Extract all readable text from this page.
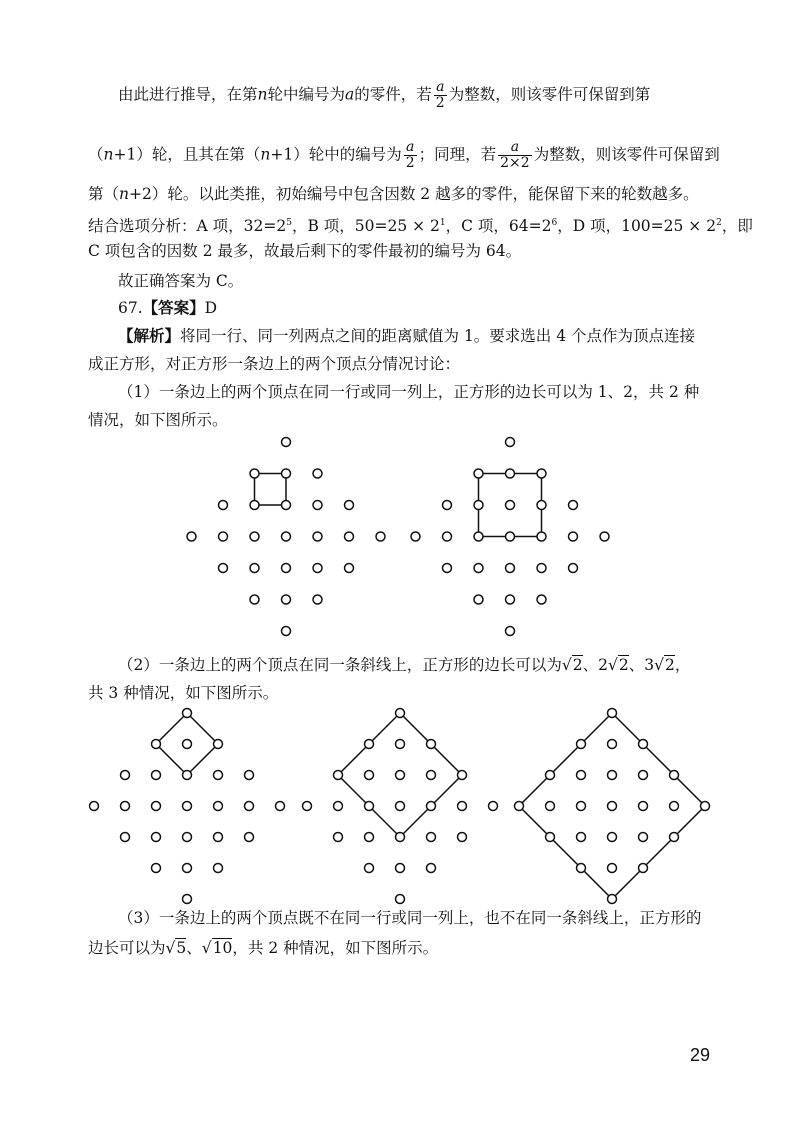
由此进行推导，在第n轮中编号为a的零件，若 $\frac{a}{2}$ 为整数，则该零件可保留到第
（n+1）轮，且其在第（n+1）轮中的编号为 $\frac{a}{2}$ ；同理，若 $\frac{a}{2\times 2}$ 为整数，则该零件可保留到
第（n+2）轮。以此类推，初始编号中包含因数 2 越多的零件，能保留下来的轮数越多。
结合选项分析：A 项，$32=2^5$，B 项，$50=25 \times 2^1$，C 项，$64=2^6$，D 项，$100=25 \times 2^2$，即
C 项包含的因数 2 最多，故最后剩下的零件最初的编号为 64。
故正确答案为 C。
67.【答案】D
【解析】将同一行、同一列两点之间的距离赋值为 1。要求选出 4 个点作为顶点连接
成正方形，对正方形一条边上的两个顶点分情况讨论：
（1）一条边上的两个顶点在同一行或同一列上，正方形的边长可以为 1、2，共 2 种
情况，如下图所示。
（2）一条边上的两个顶点在同一条斜线上，正方形的边长可以为√2、2√2、3√2，
共 3 种情况，如下图所示。
（3）一条边上的两个顶点既不在同一行或同一列上，也不在同一条斜线上，正方形的
边长可以为√5、√10，共 2 种情况，如下图所示。
29
